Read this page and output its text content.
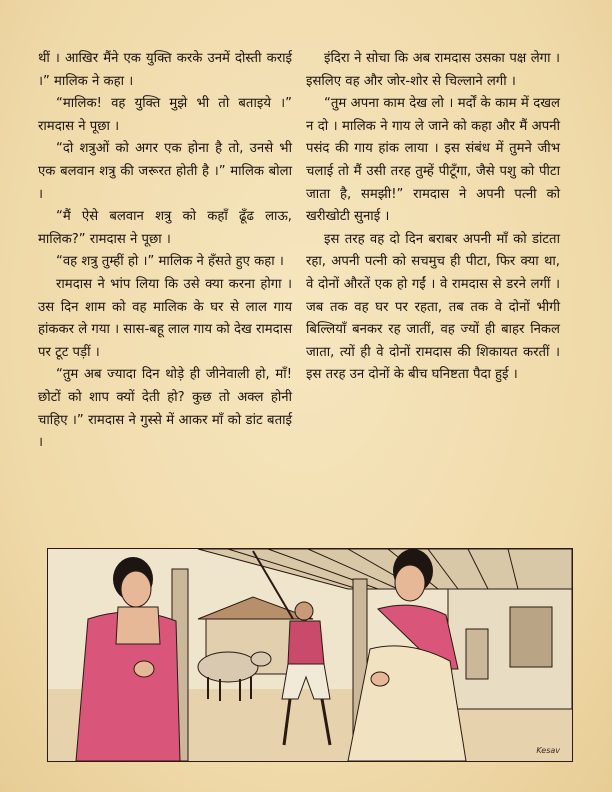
थीं । आखिर मैंने एक युक्ति करके उनमें दोस्ती कराई ।” मालिक ने कहा ।

“मालिक! वह युक्ति मुझे भी तो बताइये ।” रामदास ने पूछा ।

“दो शत्रुओं को अगर एक होना है तो, उनसे भी एक बलवान शत्रु की जरूरत होती है ।” मालिक बोला ।

“मैं ऐसे बलवान शत्रु को कहाँ ढूँढ लाऊ, मालिक?” रामदास ने पूछा ।

“वह शत्रु तुम्हीं हो ।” मालिक ने हँसते हुए कहा ।

रामदास ने भांप लिया कि उसे क्या करना होगा । उस दिन शाम को वह मालिक के घर से लाल गाय हांककर ले गया । सास-बहू लाल गाय को देख रामदास पर टूट पड़ीं ।

“तुम अब ज्यादा दिन थोड़े ही जीनेवाली हो, माँ! छोटों को शाप क्यों देती हो? कुछ तो अक्ल होनी चाहिए ।” रामदास ने गुस्से में आकर माँ को डांट बताई ।

इंदिरा ने सोचा कि अब रामदास उसका पक्ष लेगा । इसलिए वह और जोर-शोर से चिल्लाने लगी ।

“तुम अपना काम देख लो । मर्दों के काम में दखल न दो । मालिक ने गाय ले जाने को कहा और मैं अपनी पसंद की गाय हांक लाया । इस संबंध में तुमने जीभ चलाई तो मैं उसी तरह तुम्हें पीटूँगा, जैसे पशु को पीटा जाता है, समझी!” रामदास ने अपनी पत्नी को खरीखोटी सुनाई ।

इस तरह वह दो दिन बराबर अपनी माँ को डांटता रहा, अपनी पत्नी को सचमुच ही पीटा, फिर क्या था, वे दोनों औरतें एक हो गईं । वे रामदास से डरने लगीं । जब तक वह घर पर रहता, तब तक वे दोनों भीगी बिल्लियाँ बनकर रह जातीं, वह ज्यों ही बाहर निकल जाता, त्यों ही वे दोनों रामदास की शिकायत करतीं । इस तरह उन दोनों के बीच घनिष्टता पैदा हुई ।

Kesav
